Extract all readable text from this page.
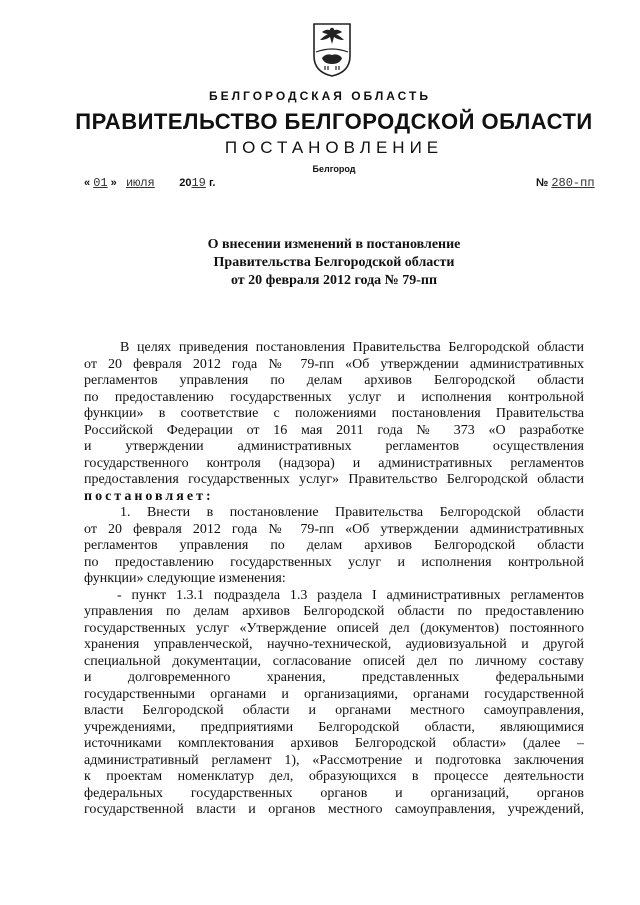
БЕЛГОРОДСКАЯ ОБЛАСТЬ
ПРАВИТЕЛЬСТВО БЕЛГОРОДСКОЙ ОБЛАСТИ
ПОСТАНОВЛЕНИЕ
Белгород
« 01 » июля 2019 г.	№ 280-пп
О внесении изменений в постановление
Правительства Белгородской области
от 20 февраля 2012 года № 79-пп
В целях приведения постановления Правительства Белгородской области
от 20 февраля 2012 года № 79-пп «Об утверждении административных
регламентов управления по делам архивов Белгородской области
по предоставлению государственных услуг и исполнения контрольной
функции» в соответствие с положениями постановления Правительства
Российской Федерации от 16 мая 2011 года № 373 «О разработке
и утверждении административных регламентов осуществления
государственного контроля (надзора) и административных регламентов
предоставления государственных услуг» Правительство Белгородской области
постановляет:
1. Внести в постановление Правительства Белгородской области
от 20 февраля 2012 года № 79-пп «Об утверждении административных
регламентов управления по делам архивов Белгородской области
по предоставлению государственных услуг и исполнения контрольной
функции» следующие изменения:
- пункт 1.3.1 подраздела 1.3 раздела I административных регламентов
управления по делам архивов Белгородской области по предоставлению
государственных услуг «Утверждение описей дел (документов) постоянного
хранения управленческой, научно-технической, аудиовизуальной и другой
специальной документации, согласование описей дел по личному составу
и долговременного хранения, представленных федеральными
государственными органами и организациями, органами государственной
власти Белгородской области и органами местного самоуправления,
учреждениями, предприятиями Белгородской области, являющимися
источниками комплектования архивов Белгородской области» (далее –
административный регламент 1), «Рассмотрение и подготовка заключения
к проектам номенклатур дел, образующихся в процессе деятельности
федеральных государственных органов и организаций, органов
государственной власти и органов местного самоуправления, учреждений,
